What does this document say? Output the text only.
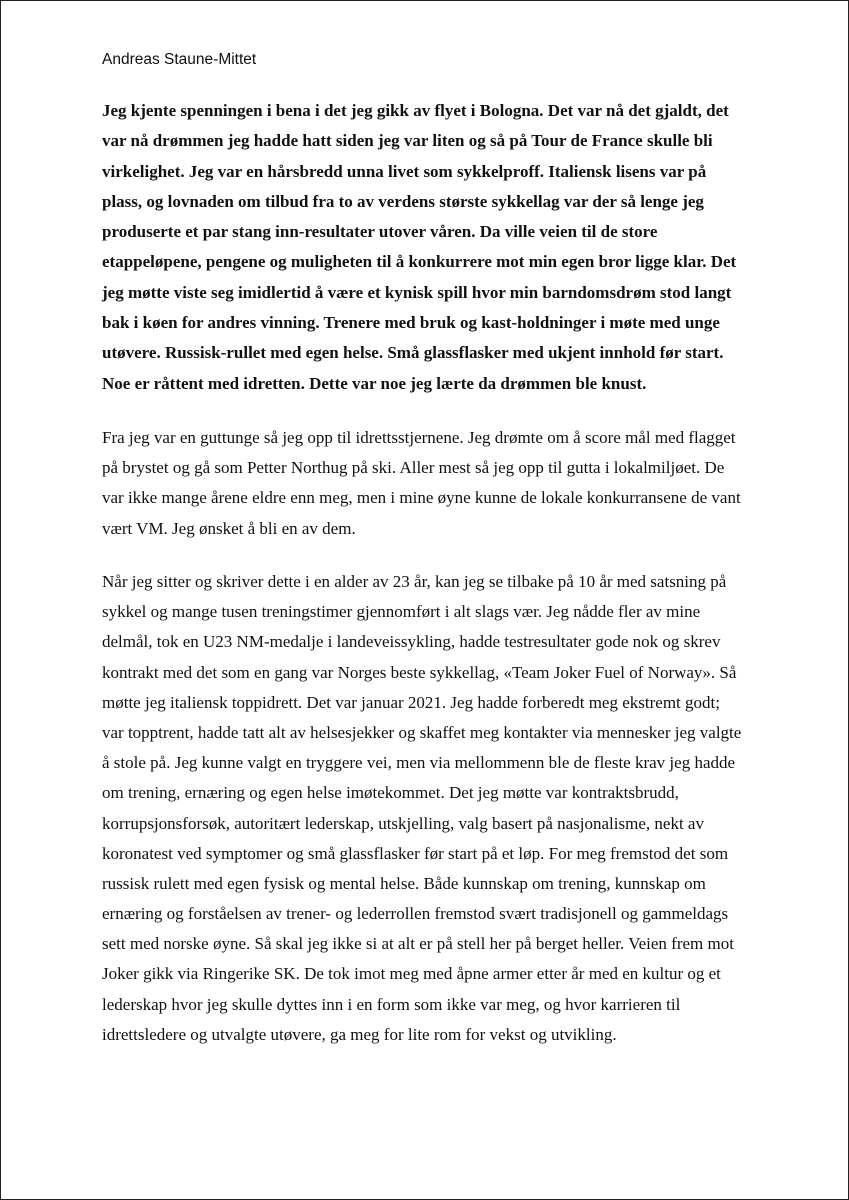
Andreas Staune-Mittet

Jeg kjente spenningen i bena i det jeg gikk av flyet i Bologna. Det var nå det gjaldt, det
var nå drømmen jeg hadde hatt siden jeg var liten og så på Tour de France skulle bli
virkelighet. Jeg var en hårsbredd unna livet som sykkelproff. Italiensk lisens var på
plass, og lovnaden om tilbud fra to av verdens største sykkellag var der så lenge jeg
produserte et par stang inn-resultater utover våren. Da ville veien til de store
etappeløpene, pengene og muligheten til å konkurrere mot min egen bror ligge klar. Det
jeg møtte viste seg imidlertid å være et kynisk spill hvor min barndomsdrøm stod langt
bak i køen for andres vinning. Trenere med bruk og kast-holdninger i møte med unge
utøvere. Russisk-rullet med egen helse. Små glassflasker med ukjent innhold før start.
Noe er råttent med idretten. Dette var noe jeg lærte da drømmen ble knust.

Fra jeg var en guttunge så jeg opp til idrettsstjernene. Jeg drømte om å score mål med flagget
på brystet og gå som Petter Northug på ski. Aller mest så jeg opp til gutta i lokalmiljøet. De
var ikke mange årene eldre enn meg, men i mine øyne kunne de lokale konkurransene de vant
vært VM. Jeg ønsket å bli en av dem.

Når jeg sitter og skriver dette i en alder av 23 år, kan jeg se tilbake på 10 år med satsning på
sykkel og mange tusen treningstimer gjennomført i alt slags vær. Jeg nådde fler av mine
delmål, tok en U23 NM-medalje i landeveissykling, hadde testresultater gode nok og skrev
kontrakt med det som en gang var Norges beste sykkellag, «Team Joker Fuel of Norway». Så
møtte jeg italiensk toppidrett. Det var januar 2021. Jeg hadde forberedt meg ekstremt godt;
var topptrent, hadde tatt alt av helsesjekker og skaffet meg kontakter via mennesker jeg valgte
å stole på. Jeg kunne valgt en tryggere vei, men via mellommenn ble de fleste krav jeg hadde
om trening, ernæring og egen helse imøtekommet. Det jeg møtte var kontraktsbrudd,
korrupsjonsforsøk, autoritært lederskap, utskjelling, valg basert på nasjonalisme, nekt av
koronatest ved symptomer og små glassflasker før start på et løp. For meg fremstod det som
russisk rulett med egen fysisk og mental helse. Både kunnskap om trening, kunnskap om
ernæring og forståelsen av trener- og lederrollen fremstod svært tradisjonell og gammeldags
sett med norske øyne. Så skal jeg ikke si at alt er på stell her på berget heller. Veien frem mot
Joker gikk via Ringerike SK. De tok imot meg med åpne armer etter år med en kultur og et
lederskap hvor jeg skulle dyttes inn i en form som ikke var meg, og hvor karrieren til
idrettsledere og utvalgte utøvere, ga meg for lite rom for vekst og utvikling.
